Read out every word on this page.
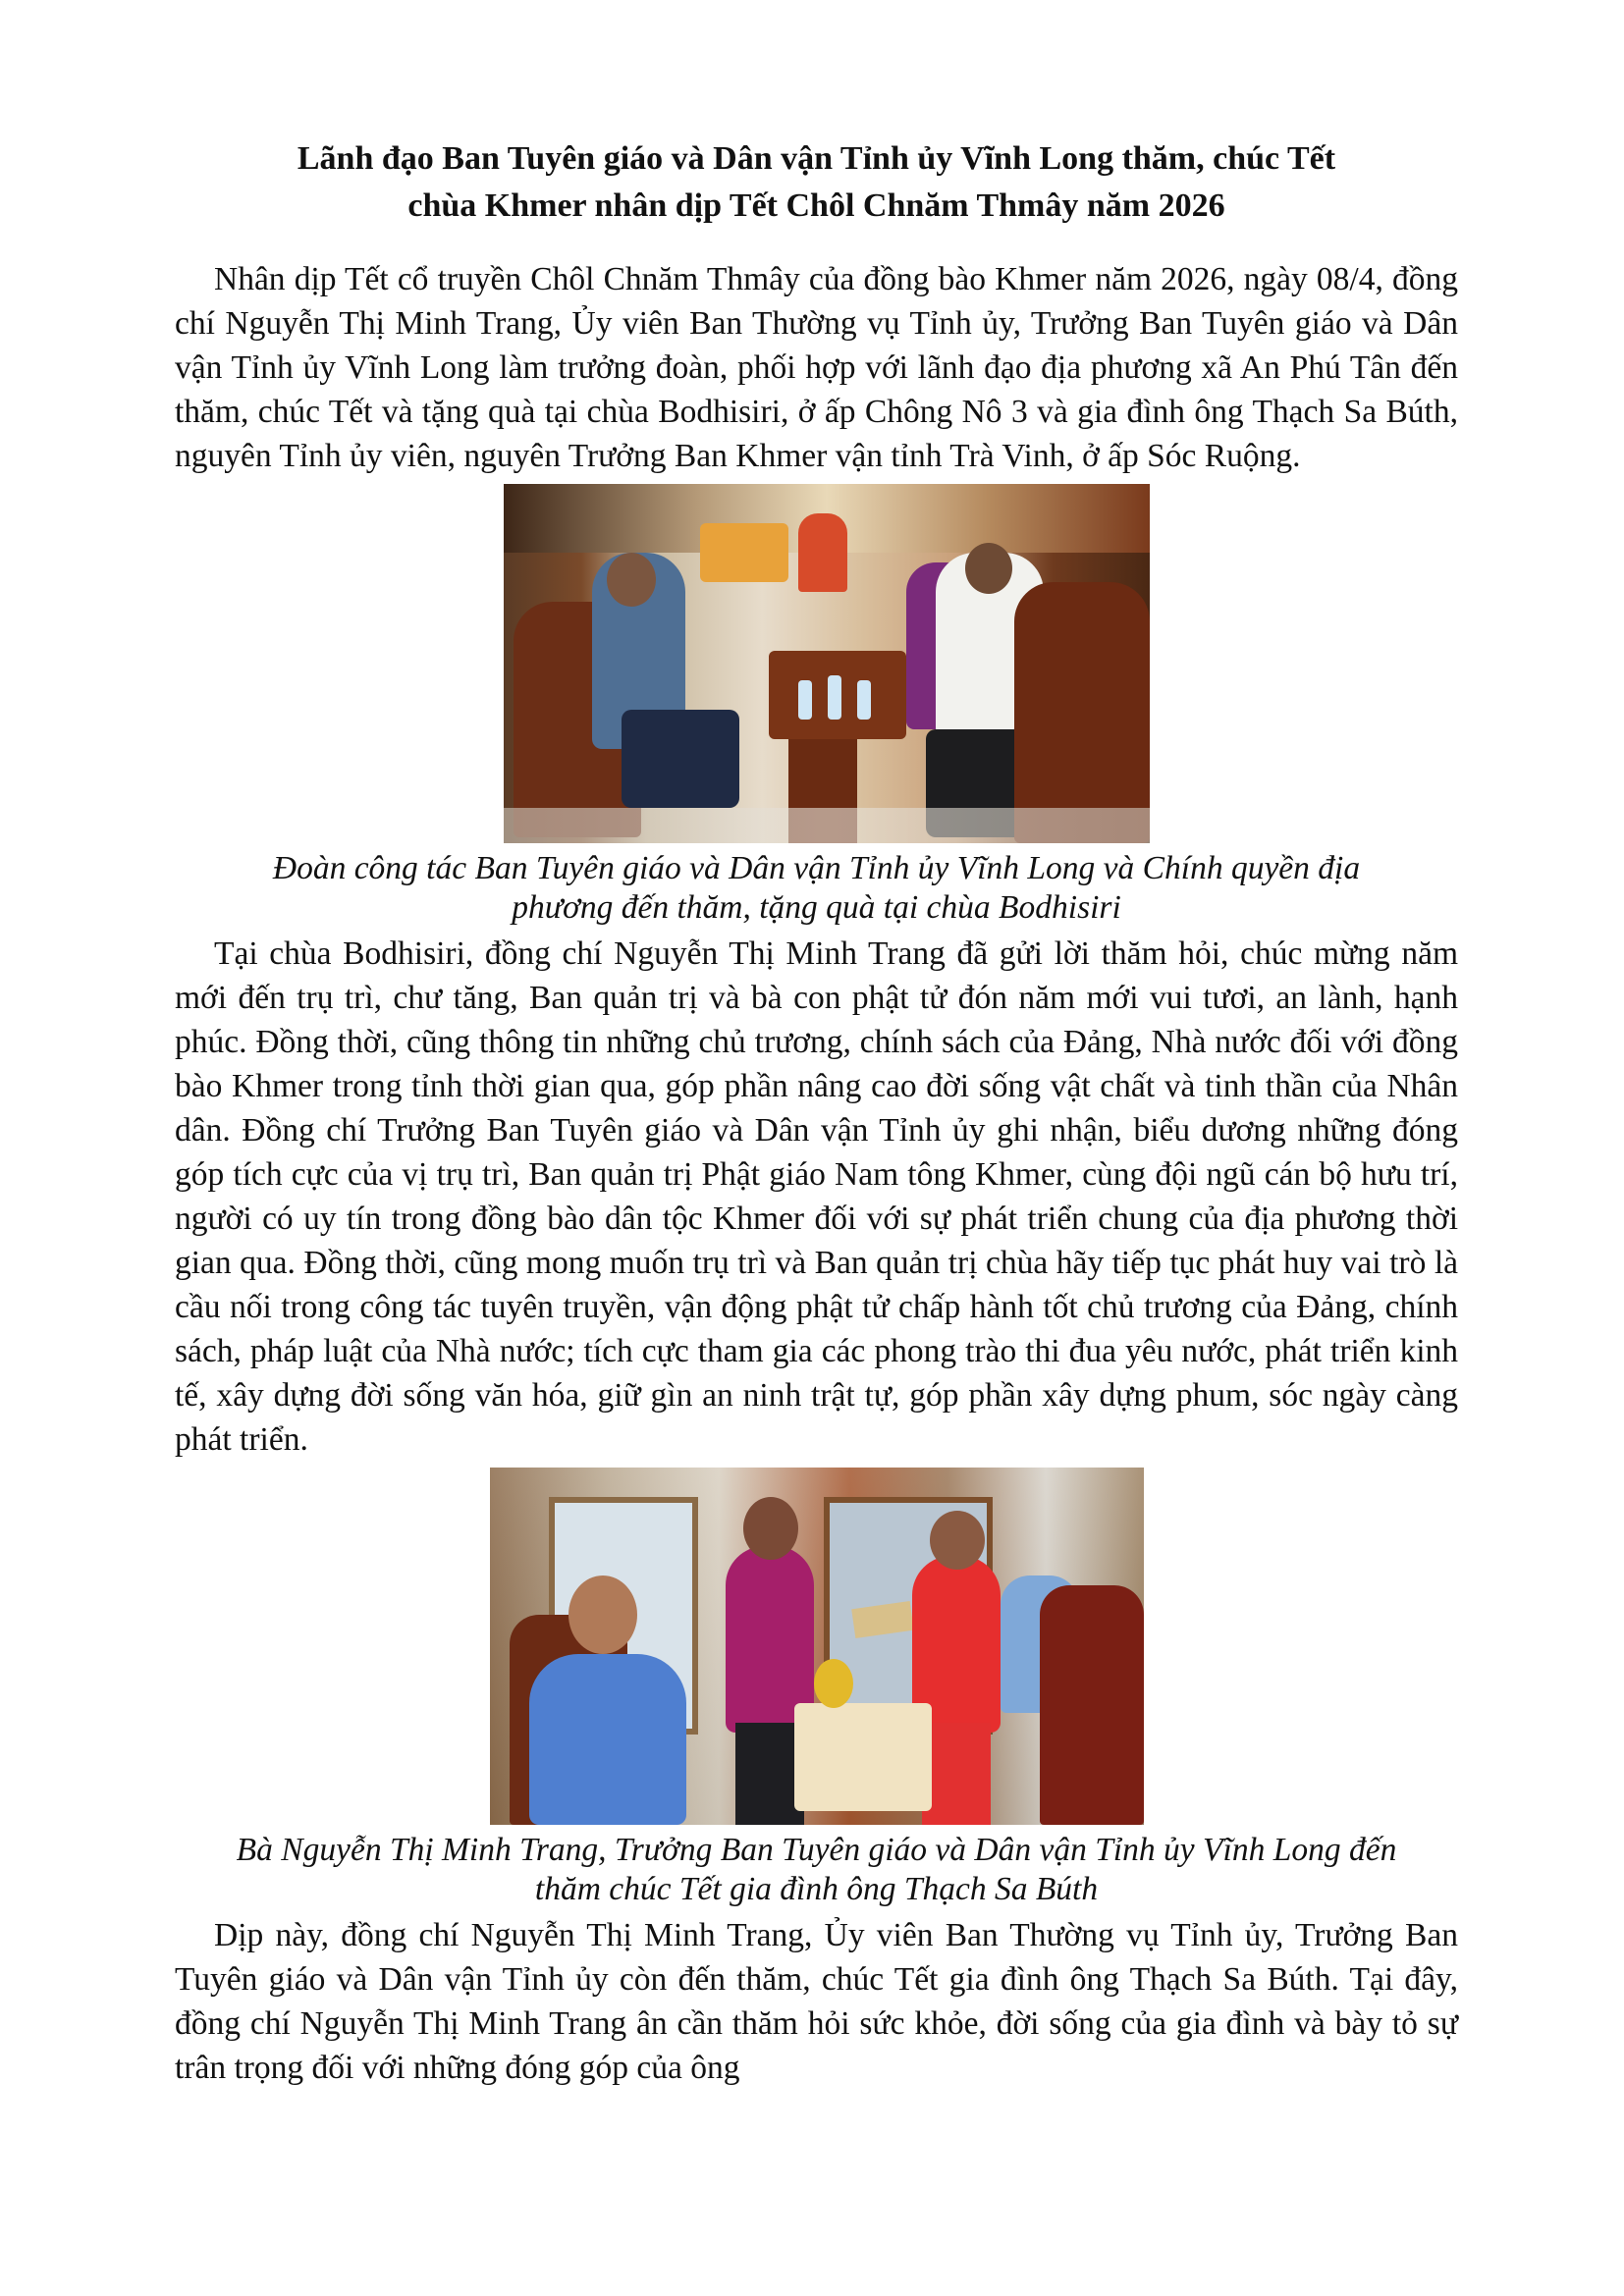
Lãnh đạo Ban Tuyên giáo và Dân vận Tỉnh ủy Vĩnh Long thăm, chúc Tết
chùa Khmer nhân dịp Tết Chôl Chnăm Thmây năm 2026

Nhân dịp Tết cổ truyền Chôl Chnăm Thmây của đồng bào Khmer năm 2026, ngày 08/4, đồng chí Nguyễn Thị Minh Trang, Ủy viên Ban Thường vụ Tỉnh ủy, Trưởng Ban Tuyên giáo và Dân vận Tỉnh ủy Vĩnh Long làm trưởng đoàn, phối hợp với lãnh đạo địa phương xã An Phú Tân đến thăm, chúc Tết và tặng quà tại chùa Bodhisiri, ở ấp Chông Nô 3 và gia đình ông Thạch Sa Búth, nguyên Tỉnh ủy viên, nguyên Trưởng Ban Khmer vận tỉnh Trà Vinh, ở ấp Sóc Ruộng.

Đoàn công tác Ban Tuyên giáo và Dân vận Tỉnh ủy Vĩnh Long và Chính quyền địa
phương đến thăm, tặng quà tại chùa Bodhisiri

Tại chùa Bodhisiri, đồng chí Nguyễn Thị Minh Trang đã gửi lời thăm hỏi, chúc mừng năm mới đến trụ trì, chư tăng, Ban quản trị và bà con phật tử đón năm mới vui tươi, an lành, hạnh phúc. Đồng thời, cũng thông tin những chủ trương, chính sách của Đảng, Nhà nước đối với đồng bào Khmer trong tỉnh thời gian qua, góp phần nâng cao đời sống vật chất và tinh thần của Nhân dân. Đồng chí Trưởng Ban Tuyên giáo và Dân vận Tỉnh ủy ghi nhận, biểu dương những đóng góp tích cực của vị trụ trì, Ban quản trị Phật giáo Nam tông Khmer, cùng đội ngũ cán bộ hưu trí, người có uy tín trong đồng bào dân tộc Khmer đối với sự phát triển chung của địa phương thời gian qua. Đồng thời, cũng mong muốn trụ trì và Ban quản trị chùa hãy tiếp tục phát huy vai trò là cầu nối trong công tác tuyên truyền, vận động phật tử chấp hành tốt chủ trương của Đảng, chính sách, pháp luật của Nhà nước; tích cực tham gia các phong trào thi đua yêu nước, phát triển kinh tế, xây dựng đời sống văn hóa, giữ gìn an ninh trật tự, góp phần xây dựng phum, sóc ngày càng phát triển.

Bà Nguyễn Thị Minh Trang, Trưởng Ban Tuyên giáo và Dân vận Tỉnh ủy Vĩnh Long đến
thăm chúc Tết gia đình ông Thạch Sa Búth

Dịp này, đồng chí Nguyễn Thị Minh Trang, Ủy viên Ban Thường vụ Tỉnh ủy, Trưởng Ban Tuyên giáo và Dân vận Tỉnh ủy còn đến thăm, chúc Tết gia đình ông Thạch Sa Búth. Tại đây, đồng chí Nguyễn Thị Minh Trang ân cần thăm hỏi sức khỏe, đời sống của gia đình và bày tỏ sự trân trọng đối với những đóng góp của ông
